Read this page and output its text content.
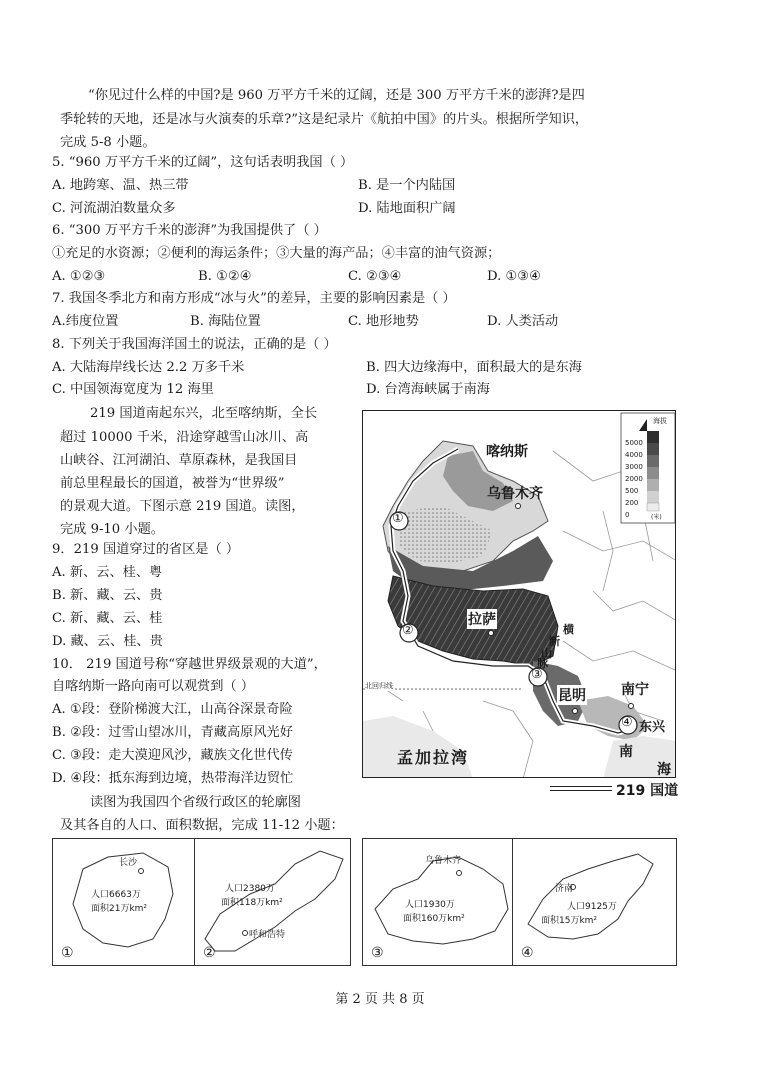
“你见过什么样的中国?是 960 万平方千米的辽阔，还是 300 万平方千米的澎湃?是四
季轮转的天地，还是冰与火演奏的乐章?”这是纪录片《航拍中国》的片头。根据所学知识，
完成 5-8 小题。
5. “960 万平方千米的辽阔”，这句话表明我国（ ）
A. 地跨寒、温、热三带	B. 是一个内陆国
C. 河流湖泊数量众多	D. 陆地面积广阔
6. “300 万平方千米的澎湃”为我国提供了（ ）
①充足的水资源；②便利的海运条件；③大量的海产品；④丰富的油气资源；
A. ①②③	B. ①②④	C. ②③④	D. ①③④
7. 我国冬季北方和南方形成“冰与火”的差异，主要的影响因素是（ ）
A.纬度位置	B. 海陆位置	C. 地形地势	D. 人类活动
8. 下列关于我国海洋国土的说法，正确的是（ ）
A. 大陆海岸线长达 2.2 万多千米	B. 四大边缘海中，面积最大的是东海
C. 中国领海宽度为 12 海里	D. 台湾海峡属于南海
219 国道南起东兴，北至喀纳斯，全长
超过 10000 千米，沿途穿越雪山冰川、高
山峡谷、江河湖泊、草原森林，是我国目
前总里程最长的国道，被誉为“世界级”
的景观大道。下图示意 219 国道。读图，
完成 9-10 小题。
9．219 国道穿过的省区是（ ）
A. 新、云、桂、粤
B. 新、藏、云、贵
C. 新、藏、云、桂
D. 藏、云、桂、贵
10． 219 国道号称“穿越世界级景观的大道”，
自喀纳斯一路向南可以观赏到（ ）
A. ①段：登阶梯渡大江，山高谷深景奇险
B. ②段：过雪山望冰川，青藏高原风光好
C. ③段：走大漠迎风沙，藏族文化世代传
D. ④段：抵东海到边境，热带海洋边贸忙
读图为我国四个省级行政区的轮廓图
及其各自的人口、面积数据，完成 11-12 小题：
海拔
5000
4000
3000
2000
500
200
0	(米)
喀纳斯
乌鲁木齐
拉萨
昆明	南宁
东兴
南
海
孟加拉湾
北回归线
横
断
山
脉
①
②
③
④
219 国道
长沙
人口6663万
面积21万km²
①
人口2380万
面积118万km²
呼和浩特
②
乌鲁木齐
人口1930万
面积160万km²
③
济南
人口9125万
面积15万km²
④
第 2 页 共 8 页
